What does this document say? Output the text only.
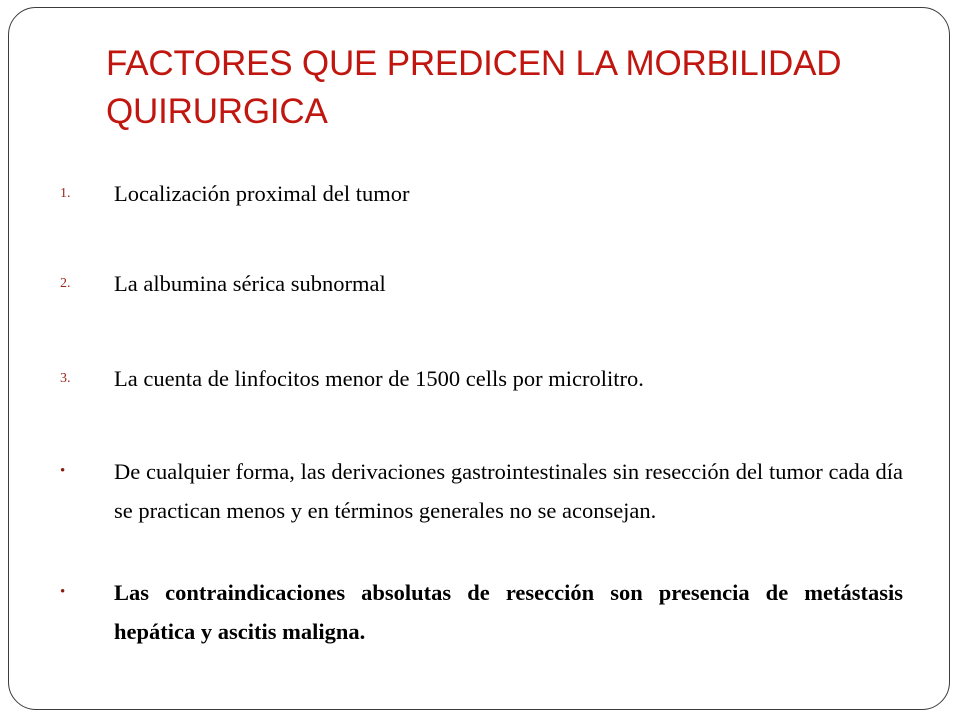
FACTORES QUE PREDICEN LA MORBILIDAD QUIRURGICA
1. Localización proximal del tumor
2. La albumina sérica subnormal
3. La cuenta de linfocitos menor de 1500 cells por microlitro.
• De cualquier forma, las derivaciones gastrointestinales sin resección del tumor cada día se practican menos y en términos generales no se aconsejan.
• Las contraindicaciones absolutas de resección son presencia de metástasis hepática y ascitis maligna.
